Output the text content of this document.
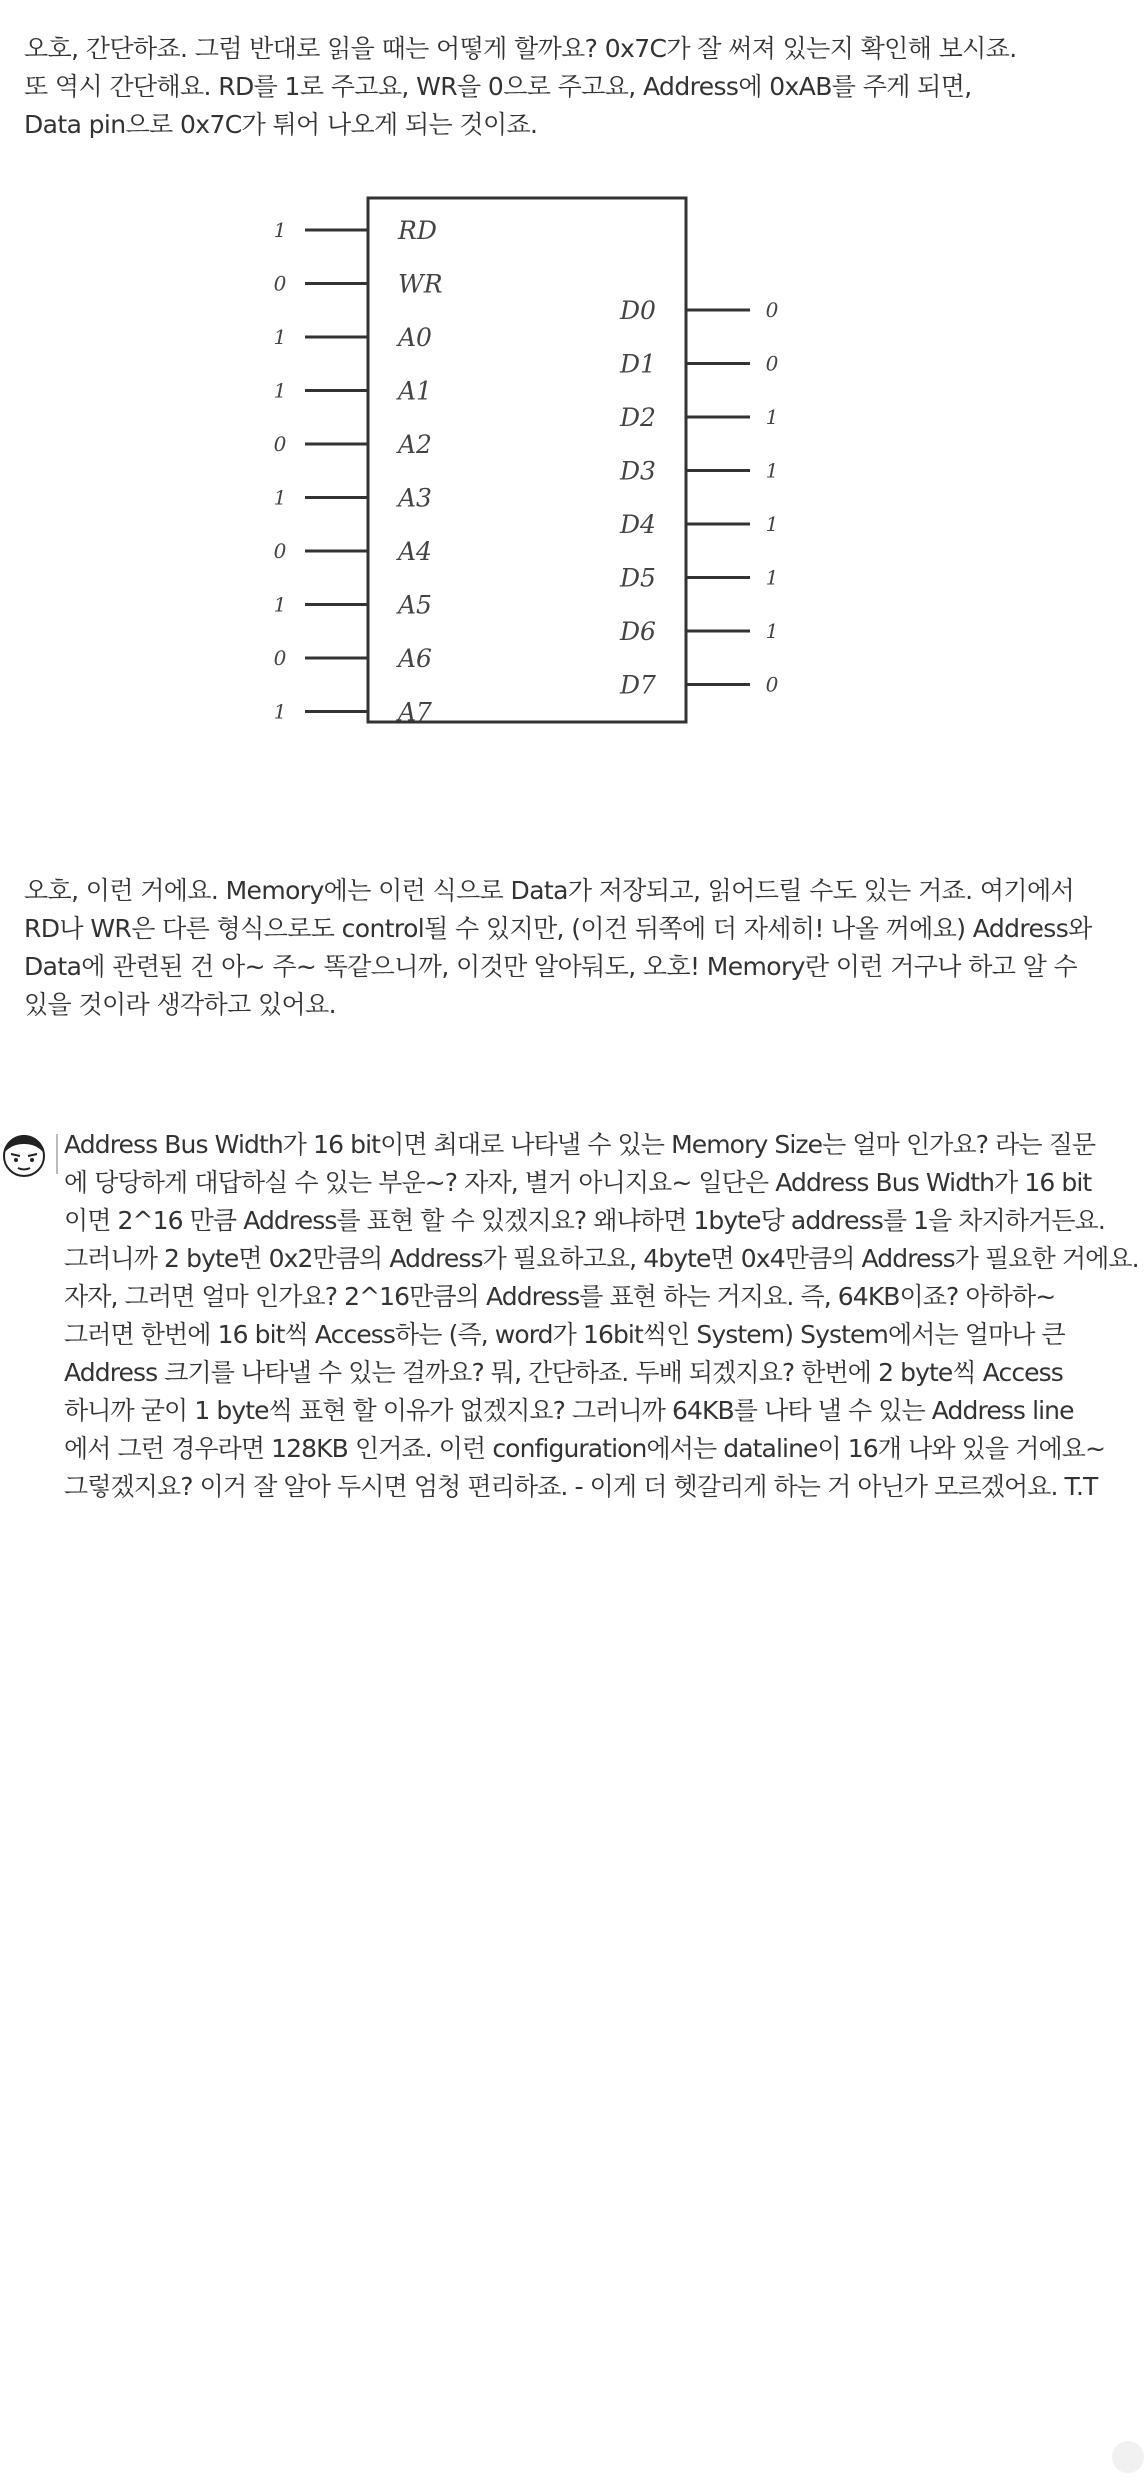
오호, 간단하죠. 그럼 반대로 읽을 때는 어떻게 할까요? 0x7C가 잘 써져 있는지 확인해 보시죠.
또 역시 간단해요. RD를 1로 주고요, WR을 0으로 주고요, Address에 0xAB를 주게 되면,
Data pin으로 0x7C가 튀어 나오게 되는 것이죠.
1	RD
0	WR
1	A0
1	A1
0	A2
1	A3
0	A4
1	A5
0	A6
1	A7
D0	0
D1	0
D2	1
D3	1
D4	1
D5	1
D6	1
D7	0
오호, 이런 거에요. Memory에는 이런 식으로 Data가 저장되고, 읽어드릴 수도 있는 거죠. 여기에서
RD나 WR은 다른 형식으로도 control될 수 있지만, (이건 뒤쪽에 더 자세히! 나올 꺼에요) Address와
Data에 관련된 건 아~ 주~ 똑같으니까, 이것만 알아둬도, 오호! Memory란 이런 거구나 하고 알 수
있을 것이라 생각하고 있어요.
Address Bus Width가 16 bit이면 최대로 나타낼 수 있는 Memory Size는 얼마 인가요? 라는 질문
에 당당하게 대답하실 수 있는 부운~? 자자, 별거 아니지요~ 일단은 Address Bus Width가 16 bit
이면 2^16 만큼 Address를 표현 할 수 있겠지요? 왜냐하면 1byte당 address를 1을 차지하거든요.
그러니까 2 byte면 0x2만큼의 Address가 필요하고요, 4byte면 0x4만큼의 Address가 필요한 거에요.
자자, 그러면 얼마 인가요? 2^16만큼의 Address를 표현 하는 거지요. 즉, 64KB이죠? 아하하~
그러면 한번에 16 bit씩 Access하는 (즉, word가 16bit씩인 System) System에서는 얼마나 큰
Address 크기를 나타낼 수 있는 걸까요? 뭐, 간단하죠. 두배 되겠지요? 한번에 2 byte씩 Access
하니까 굳이 1 byte씩 표현 할 이유가 없겠지요? 그러니까 64KB를 나타 낼 수 있는 Address line
에서 그런 경우라면 128KB 인거죠. 이런 configuration에서는 dataline이 16개 나와 있을 거에요~
그렇겠지요? 이거 잘 알아 두시면 엄청 편리하죠. - 이게 더 헷갈리게 하는 거 아닌가 모르겠어요. T.T
